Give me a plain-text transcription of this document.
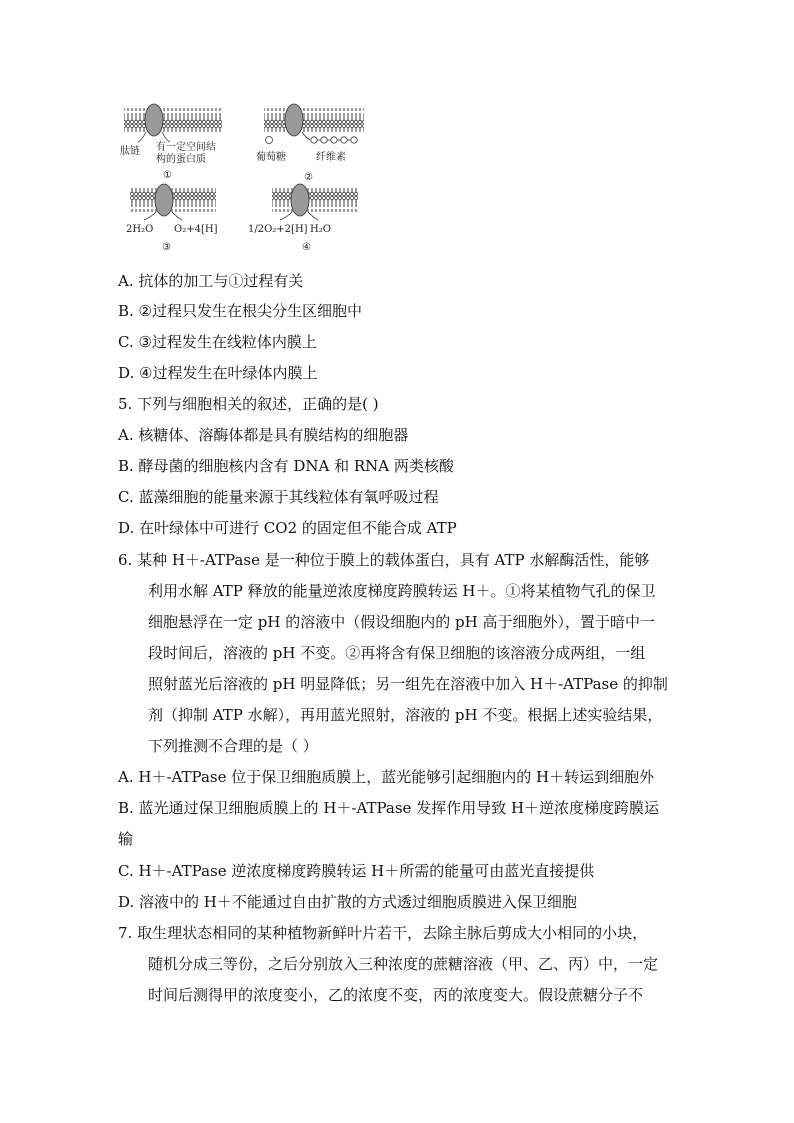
肽链 有一定空间结
构的蛋白质
①
葡萄糖	纤维素
②
2H₂O O₂+4[H]
③
1/2O₂+2[H] H₂O
④
A. 抗体的加工与①过程有关
B. ②过程只发生在根尖分生区细胞中
C. ③过程发生在线粒体内膜上
D. ④过程发生在叶绿体内膜上
5. 下列与细胞相关的叙述，正确的是( )
A. 核糖体、溶酶体都是具有膜结构的细胞器
B. 酵母菌的细胞核内含有 DNA 和 RNA 两类核酸
C. 蓝藻细胞的能量来源于其线粒体有氧呼吸过程
D. 在叶绿体中可进行 CO2 的固定但不能合成 ATP
6. 某种 H＋-ATPase 是一种位于膜上的载体蛋白，具有 ATP 水解酶活性，能够
利用水解 ATP 释放的能量逆浓度梯度跨膜转运 H＋。①将某植物气孔的保卫
细胞悬浮在一定 pH 的溶液中（假设细胞内的 pH 高于细胞外），置于暗中一
段时间后，溶液的 pH 不变。②再将含有保卫细胞的该溶液分成两组，一组
照射蓝光后溶液的 pH 明显降低；另一组先在溶液中加入 H＋-ATPase 的抑制
剂（抑制 ATP 水解），再用蓝光照射，溶液的 pH 不变。根据上述实验结果，
下列推测不合理的是（ ）
A. H＋-ATPase 位于保卫细胞质膜上，蓝光能够引起细胞内的 H＋转运到细胞外
B. 蓝光通过保卫细胞质膜上的 H＋-ATPase 发挥作用导致 H＋逆浓度梯度跨膜运
输
C. H＋-ATPase 逆浓度梯度跨膜转运 H＋所需的能量可由蓝光直接提供
D. 溶液中的 H＋不能通过自由扩散的方式透过细胞质膜进入保卫细胞
7. 取生理状态相同的某种植物新鲜叶片若干，去除主脉后剪成大小相同的小块，
随机分成三等份，之后分别放入三种浓度的蔗糖溶液（甲、乙、丙）中，一定
时间后测得甲的浓度变小，乙的浓度不变，丙的浓度变大。假设蔗糖分子不
